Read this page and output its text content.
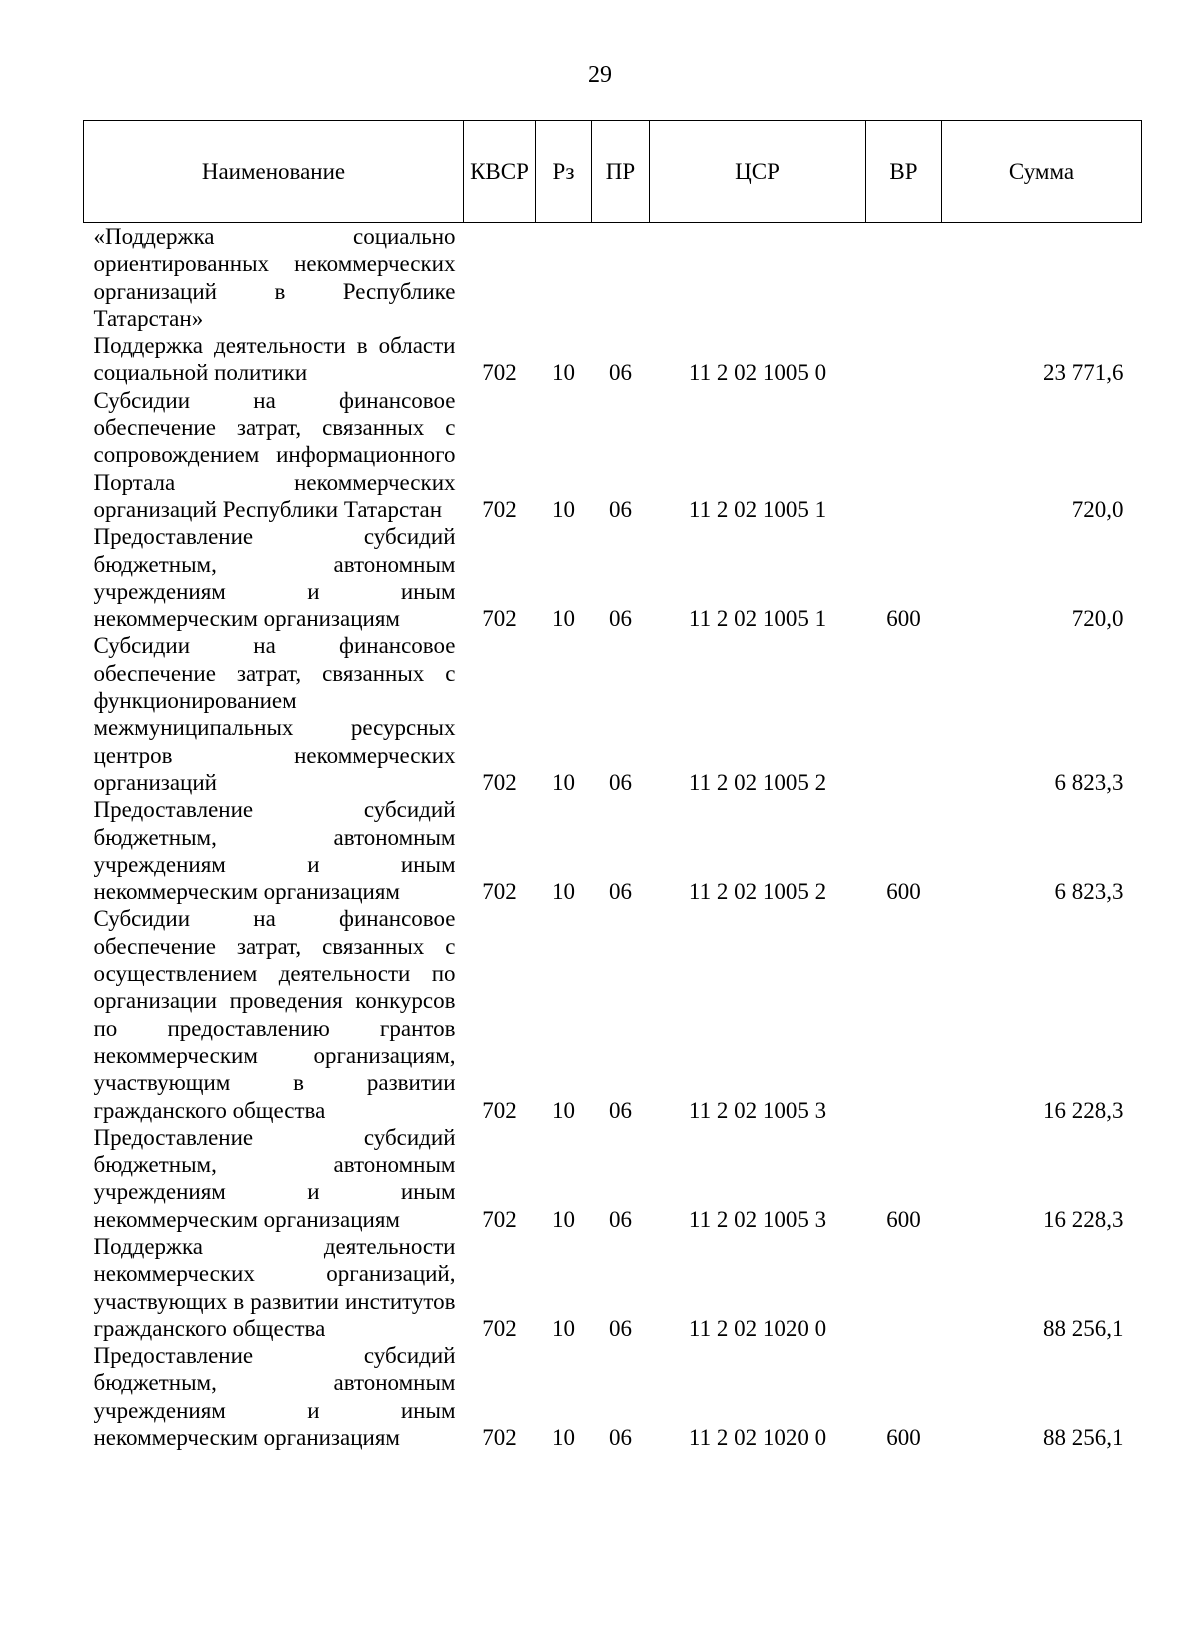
29
Наименование	КВСР	Рз	ПР	ЦСР	ВР	Сумма
«Поддержка социально ориентированных некоммерческих организаций в Республике Татарстан»						
Поддержка деятельности в области социальной политики	702	10	06	11 2 02 1005 0		23 771,6
Субсидии на финансовое обеспечение затрат, связанных с сопровождением информационного Портала некоммерческих организаций Республики Татарстан	702	10	06	11 2 02 1005 1		720,0
Предоставление субсидий бюджетным, автономным учреждениям и иным некоммерческим организациям	702	10	06	11 2 02 1005 1	600	720,0
Субсидии на финансовое обеспечение затрат, связанных с функционированием межмуниципальных ресурсных центров некоммерческих организаций	702	10	06	11 2 02 1005 2		6 823,3
Предоставление субсидий бюджетным, автономным учреждениям и иным некоммерческим организациям	702	10	06	11 2 02 1005 2	600	6 823,3
Субсидии на финансовое обеспечение затрат, связанных с осуществлением деятельности по организации проведения конкурсов по предоставлению грантов некоммерческим организациям, участвующим в развитии гражданского общества	702	10	06	11 2 02 1005 3		16 228,3
Предоставление субсидий бюджетным, автономным учреждениям и иным некоммерческим организациям	702	10	06	11 2 02 1005 3	600	16 228,3
Поддержка деятельности некоммерческих организаций, участвующих в развитии институтов гражданского общества	702	10	06	11 2 02 1020 0		88 256,1
Предоставление субсидий бюджетным, автономным учреждениям и иным некоммерческим организациям	702	10	06	11 2 02 1020 0	600	88 256,1
